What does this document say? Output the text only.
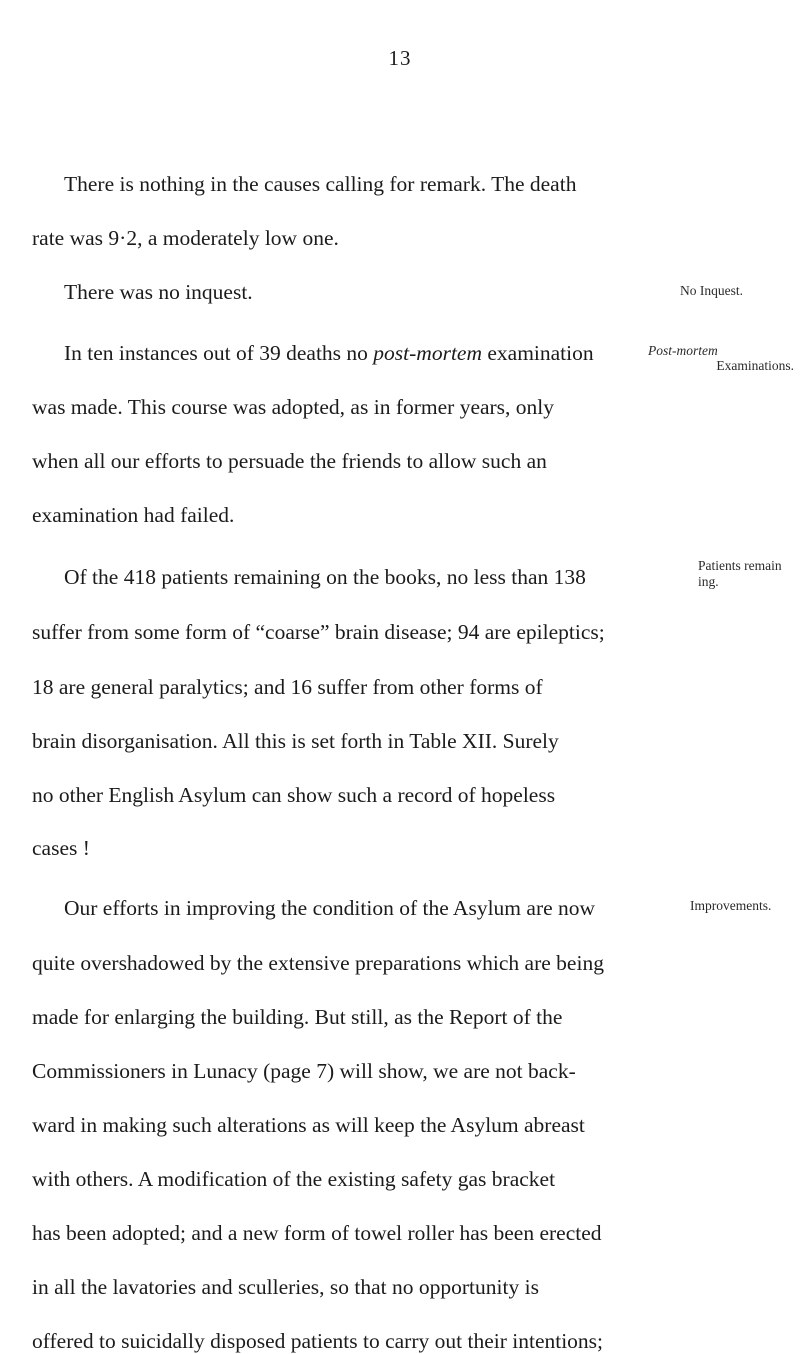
13
There is nothing in the causes calling for remark. The death
rate was 9·2, a moderately low one.
There was no inquest.	No Inquest.
In ten instances out of 39 deaths no post-mortem examination	Post-mortem
Examinations.
was made. This course was adopted, as in former years, only
when all our efforts to persuade the friends to allow such an
examination had failed.
Of the 418 patients remaining on the books, no less than 138	Patients remain
ing.
suffer from some form of “coarse” brain disease; 94 are epileptics;
18 are general paralytics; and 16 suffer from other forms of
brain disorganisation. All this is set forth in Table XII. Surely
no other English Asylum can show such a record of hopeless
cases !
Our efforts in improving the condition of the Asylum are now	Improvements.
quite overshadowed by the extensive preparations which are being
made for enlarging the building. But still, as the Report of the
Commissioners in Lunacy (page 7) will show, we are not back-
ward in making such alterations as will keep the Asylum abreast
with others. A modification of the existing safety gas bracket
has been adopted; and a new form of towel roller has been erected
in all the lavatories and sculleries, so that no opportunity is
offered to suicidally disposed patients to carry out their intentions;
